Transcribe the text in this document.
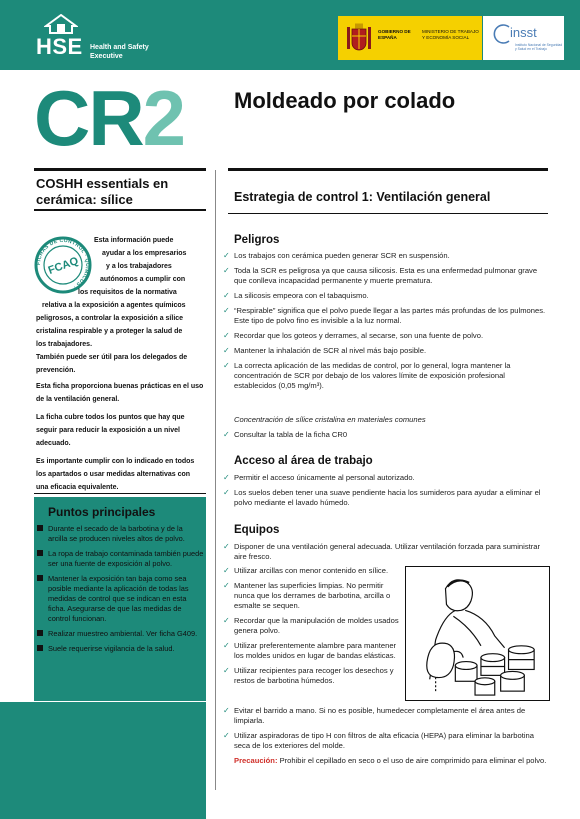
HSE Health and Safety Executive
GOBIERNO DE ESPAÑA
MINISTERIO DE TRABAJO Y ECONOMÍA SOCIAL	insst
Instituto Nacional de Seguridad y Salud en el Trabajo
CR2 Moldeado por colado
COSHH essentials en cerámica: sílice
FICHAS DE CONTROL · QUÍMICOS ·
FCAQ
Esta información puede
ayudar a los empresarios
y a los trabajadores
autónomos a cumplir con
los requisitos de la normativa
relativa a la exposición a agentes químicos
peligrosos, a controlar la exposición a sílice
cristalina respirable y a proteger la salud de
los trabajadores.
También puede ser útil para los delegados de prevención.
Esta ficha proporciona buenas prácticas en el uso de la ventilación general.
La ficha cubre todos los puntos que hay que seguir para reducir la exposición a un nivel adecuado.
Es importante cumplir con lo indicado en todos los apartados o usar medidas alternativas con una eficacia equivalente.
Puntos principales
Durante el secado de la barbotina y de la arcilla se producen niveles altos de polvo.
La ropa de trabajo contaminada también puede ser una fuente de exposición al polvo.
Mantener la exposición tan baja como sea posible mediante la aplicación de todas las medidas de control que se indican en esta ficha. Asegurarse de que las medidas de control funcionan.
Realizar muestreo ambiental. Ver ficha G409.
Suele requerirse vigilancia de la salud.
Estrategia de control 1: Ventilación general
Peligros
✓ Los trabajos con cerámica pueden generar SCR en suspensión.
✓ Toda la SCR es peligrosa ya que causa silicosis. Esta es una enfermedad pulmonar grave que conlleva incapacidad permanente y muerte prematura.
✓ La silicosis empeora con el tabaquismo.
✓ “Respirable” significa que el polvo puede llegar a las partes más profundas de los pulmones. Este tipo de polvo fino es invisible a la luz normal.
✓ Recordar que los goteos y derrames, al secarse, son una fuente de polvo.
✓ Mantener la inhalación de SCR al nivel más bajo posible.
✓ La correcta aplicación de las medidas de control, por lo general, logra mantener la concentración de SCR por debajo de los valores límite de exposición profesional establecidos (0,05 mg/m³).
Concentración de sílice cristalina en materiales comunes
✓ Consultar la tabla de la ficha CR0
Acceso al área de trabajo
✓ Permitir el acceso únicamente al personal autorizado.
✓ Los suelos deben tener una suave pendiente hacia los sumideros para ayudar a eliminar el polvo mediante el lavado húmedo.
Equipos
✓ Disponer de una ventilación general adecuada. Utilizar ventilación forzada para suministrar aire fresco.
✓ Utilizar arcillas con menor contenido en sílice.
✓ Mantener las superficies limpias. No permitir nunca que los derrames de barbotina, arcilla o esmalte se sequen.
✓ Recordar que la manipulación de moldes usados genera polvo.
✓ Utilizar preferentemente alambre para mantener los moldes unidos en lugar de bandas elásticas.
✓ Utilizar recipientes para recoger los desechos y restos de barbotina húmedos.
✓ Evitar el barrido a mano. Si no es posible, humedecer completamente el área antes de limpiarla.
✓ Utilizar aspiradoras de tipo H con filtros de alta eficacia (HEPA) para eliminar la barbotina seca de los exteriores del molde.
Precaución: Prohibir el cepillado en seco o el uso de aire comprimido para eliminar el polvo.
